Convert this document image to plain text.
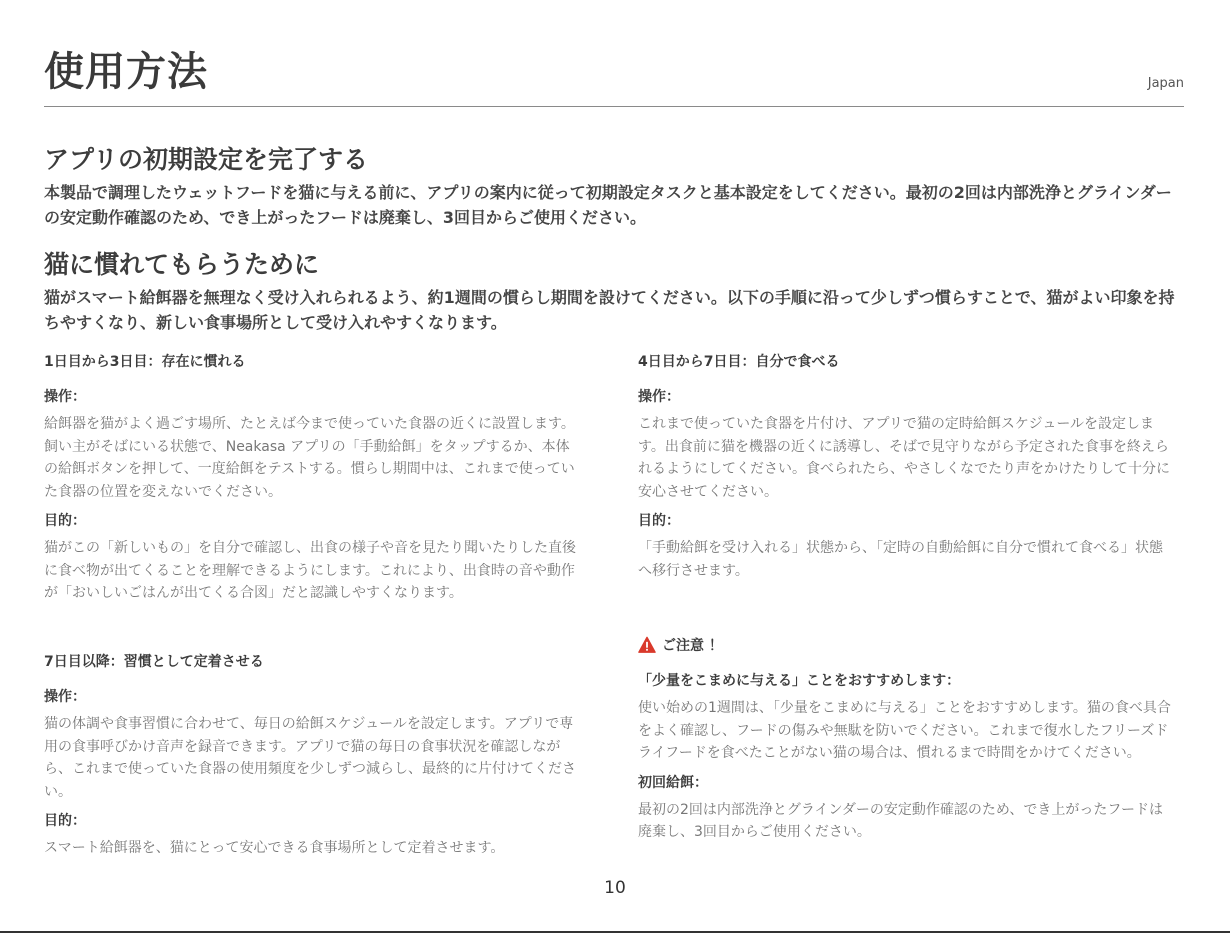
使用方法	Japan
アプリの初期設定を完了する

本製品で調理したウェットフードを猫に与える前に、アプリの案内に従って初期設定タスクと基本設定をしてください。最初の2回は内部洗浄とグラインダーの安定動作確認のため、でき上がったフードは廃棄し、3回目からご使用ください。

猫に慣れてもらうために

猫がスマート給餌器を無理なく受け入れられるよう、約1週間の慣らし期間を設けてください。以下の手順に沿って少しずつ慣らすことで、猫がよい印象を持ちやすくなり、新しい食事場所として受け入れやすくなります。

1日目から3日目：存在に慣れる

操作：

給餌器を猫がよく過ごす場所、たとえば今まで使っていた食器の近くに設置します。飼い主がそばにいる状態で、Neakasa アプリの「手動給餌」をタップするか、本体の給餌ボタンを押して、一度給餌をテストする。慣らし期間中は、これまで使っていた食器の位置を変えないでください。

目的：

猫がこの「新しいもの」を自分で確認し、出食の様子や音を見たり聞いたりした直後に食べ物が出てくることを理解できるようにします。これにより、出食時の音や動作が「おいしいごはんが出てくる合図」だと認識しやすくなります。

7日目以降：習慣として定着させる

操作：

猫の体調や食事習慣に合わせて、毎日の給餌スケジュールを設定します。アプリで専用の食事呼びかけ音声を録音できます。アプリで猫の毎日の食事状況を確認しながら、これまで使っていた食器の使用頻度を少しずつ減らし、最終的に片付けてください。

目的：

スマート給餌器を、猫にとって安心できる食事場所として定着させます。

4日目から7日目：自分で食べる

操作：

これまで使っていた食器を片付け、アプリで猫の定時給餌スケジュールを設定します。出食前に猫を機器の近くに誘導し、そばで見守りながら予定された食事を終えられるようにしてください。食べられたら、やさしくなでたり声をかけたりして十分に安心させてください。

目的：

「手動給餌を受け入れる」状態から、「定時の自動給餌に自分で慣れて食べる」状態へ移行させます。

ご注意 ！

「少量をこまめに与える」ことをおすすめします：

使い始めの1週間は、「少量をこまめに与える」ことをおすすめします。猫の食べ具合をよく確認し、フードの傷みや無駄を防いでください。これまで復水したフリーズドライフードを食べたことがない猫の場合は、慣れるまで時間をかけてください。

初回給餌：

最初の2回は内部洗浄とグラインダーの安定動作確認のため、でき上がったフードは廃棄し、3回目からご使用ください。

10
